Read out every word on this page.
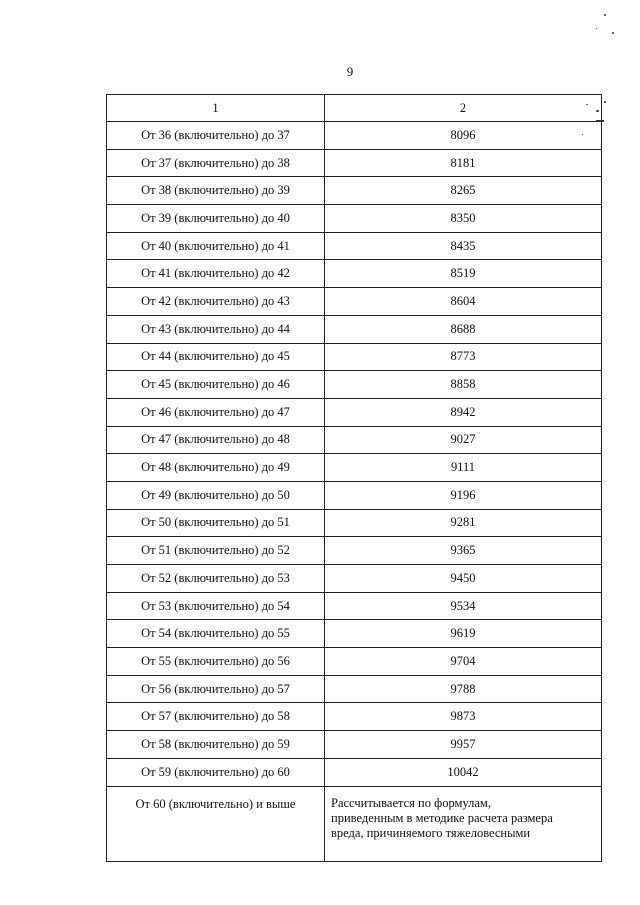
9
1	2
От 36 (включительно) до 37	8096
От 37 (включительно) до 38	8181
От 38 (включительно) до 39	8265
От 39 (включительно) до 40	8350
От 40 (включительно) до 41	8435
От 41 (включительно) до 42	8519
От 42 (включительно) до 43	8604
От 43 (включительно) до 44	8688
От 44 (включительно) до 45	8773
От 45 (включительно) до 46	8858
От 46 (включительно) до 47	8942
От 47 (включительно) до 48	9027
От 48 (включительно) до 49	9111
От 49 (включительно) до 50	9196
От 50 (включительно) до 51	9281
От 51 (включительно) до 52	9365
От 52 (включительно) до 53	9450
От 53 (включительно) до 54	9534
От 54 (включительно) до 55	9619
От 55 (включительно) до 56	9704
От 56 (включительно) до 57	9788
От 57 (включительно) до 58	9873
От 58 (включительно) до 59	9957
От 59 (включительно) до 60	10042
От 60 (включительно) и выше	Рассчитывается по формулам,
приведенным в методике расчета размера
вреда, причиняемого тяжеловесными
